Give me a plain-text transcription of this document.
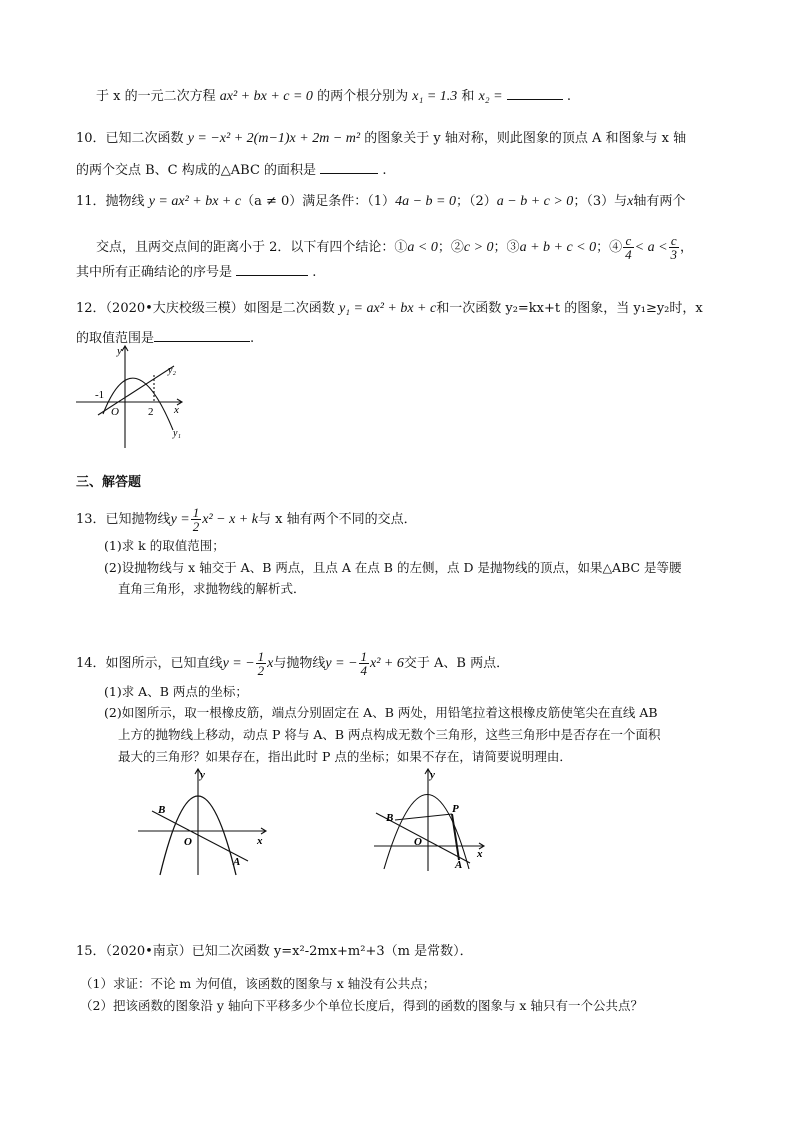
于 x 的一元二次方程 ax² + bx + c = 0 的两个根分别为 x₁ = 1.3 和 x₂ =	.
10．已知二次函数 y = −x² + 2(m−1)x + 2m − m² 的图象关于 y 轴对称，则此图象的顶点 A 和图象与 x 轴
的两个交点 B、C 构成的△ABC 的面积是	.
11．抛物线 y = ax² + bx + c（a ≠ 0）满足条件：（1）4a − b = 0；（2）a − b + c > 0；（3）与x轴有两个
交点，且两交点间的距离小于 2．以下有四个结论：①a < 0；②c > 0；③a + b + c < 0；④ $\frac{c}{4} < a < \frac{c}{3}$ ，
其中所有正确结论的序号是	.
12．（2020•大庆校级三模）如图是二次函数 y₁ = ax² + bx + c和一次函数 y₂=kx+t 的图象，当 y₁≥y₂时，x
的取值范围是	.
y
x
O
-1
2
y₂
y₁
三、解答题
13．已知抛物线$y = \frac{1}{2} x^2 - x + k$与 x 轴有两个不同的交点．
(1)求 k 的取值范围；
(2)设抛物线与 x 轴交于 A、B 两点，且点 A 在点 B 的左侧，点 D 是抛物线的顶点，如果△ABC 是等腰
直角三角形，求抛物线的解析式．
14．如图所示，已知直线y = − $\frac{1}{2}$ x与抛物线y = − $\frac{1}{4} x^2 + 6$交于 A、B 两点．
(1)求 A、B 两点的坐标；
(2)如图所示，取一根橡皮筋，端点分别固定在 A、B 两处，用铅笔拉着这根橡皮筋使笔尖在直线 AB
上方的抛物线上移动，动点 P 将与 A、B 两点构成无数个三角形，这些三角形中是否存在一个面积
最大的三角形？如果存在，指出此时 P 点的坐标；如果不存在，请简要说明理由．
y
x
O
A
B
y
x
O
A
B
P
15．（2020•南京）已知二次函数 y=x²-2mx+m²+3（m 是常数）．
（1）求证：不论 m 为何值，该函数的图象与 x 轴没有公共点；
（2）把该函数的图象沿 y 轴向下平移多少个单位长度后，得到的函数的图象与 x 轴只有一个公共点？
